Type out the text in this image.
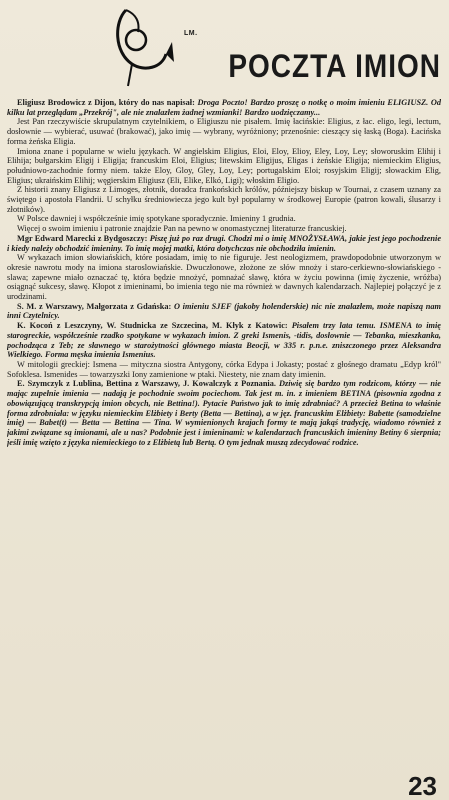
LM.
POCZTA IMION

Eligiusz Brodowicz z Dijon, który do nas napisał: Droga Poczto! Bardzo proszę o notkę o moim imieniu ELIGIUSZ. Od kilku lat przeglądam „Przekrój", ale nie znalazłem żadnej wzmianki! Bardzo uodzięczamy...

Jest Pan rzeczywiście skrupulatnym czytelnikiem, o Eligiuszu nie pisałem. Imię łacińskie: Eligius, z łac. eligo, legi, lectum, dosłownie — wybierać, usuwać (brakować), jako imię — wybrany, wyróżniony; przenośnie: cieszący się łaską (Boga). Łacińska forma żeńska Eligia.

Imiona znane i popularne w wielu językach. W angielskim Eligius, Eloi, Eloy, Elioy, Eley, Loy, Ley; słoworuskim Elihij i Elihija; bułgarskim Eligij i Eligija; francuskim Eloi, Eligius; litewskim Eligijus, Eligas i żeńskie Eligija; niemieckim Eligius, południowo-zachodnie formy niem. także Eloy, Gloy, Gley, Loy, Ley; portugalskim Eloi; rosyjskim Eligij; słowackim Elig, Eligius; ukraińskim Elihij; węgierskim Eligiusz (Eli, Elike, Elkó, Ligi); włoskim Eligio.

Z historii znany Eligiusz z Limoges, złotnik, doradca frankońskich królów, późniejszy biskup w Tournai, z czasem uznany za świętego i apostoła Flandrii. U schyłku średniowiecza jego kult był popularny w środkowej Europie (patron kowali, ślusarzy i złotników).

W Polsce dawniej i współcześnie imię spotykane sporadycznie. Imieniny 1 grudnia.

Więcej o swoim imieniu i patronie znajdzie Pan na pewno w onomastycznej literaturze francuskiej.

Mgr Edward Marecki z Bydgoszczy: Piszę już po raz drugi. Chodzi mi o imię MNOŻYSŁAWA, jakie jest jego pochodzenie i kiedy należy obchodzić imieniny. To imię mojej matki, która dotychczas nie obchodziła imienin.

W wykazach imion słowiańskich, które posiadam, imię to nie figuruje. Jest neologizmem, prawdopodobnie utworzonym w okresie nawrotu mody na imiona staroslowiańskie. Dwuczłonowe, złożone ze słów mnoży i staro-cerkiewno-słowiańskiego -slawa; zapewne miało oznaczać tę, która będzie mnożyć, pomnażać sławę, która w życiu powinna (imię życzenie, wróżba) osiągnąć sukcesy, sławę. Kłopot z imieninami, bo imienia tego nie ma również w dawnych kalendarzach. Najlepiej połączyć je z urodzinami.

S. M. z Warszawy, Małgorzata z Gdańska: O imieniu SJEF (jakoby holenderskie) nic nie znalazłem, może napiszą nam inni Czytelnicy.

K. Kocoń z Leszczyny, W. Studnicka ze Szczecina, M. Kłyk z Katowic: Pisałem trzy lata temu. ISMENA to imię starogreckie, współcześnie rzadko spotykane w wykazach imion. Z greki Ismenis, -tidis, dosłownie — Tebanka, mieszkanka, pochodząca z Teb; ze sławnego w starożytności głównego miasta Beocji, w 335 r. p.n.e. zniszczonego przez Aleksandra Wielkiego. Forma męska imienia Ismenius.

W mitologii greckiej: Ismena — mityczna siostra Antygony, córka Edypa i Jokasty; postać z głośnego dramatu „Edyp król" Sofoklesa. Ismenides — towarzyszki Ionу zamienione w ptaki. Niestety, nie znam daty imienin.

E. Szymczyk z Lublina, Bettina z Warszawy, J. Kowalczyk z Poznania. Dziwię się bardzo tym rodzicom, którzy — nie mając zupełnie imienia — nadają je pochodnie swoim pociechom. Tak jest m. in. z imieniem BETINA (pisownia zgodna z obowiązującą transkrypcją imion obcych, nie Bettina!). Pytacie Państwo jak to imię zdrabniać? A przecież Betina to właśnie forma zdrobniała: w języku niemieckim Elżbiety i Berty (Betta — Bettina), a w jęz. francuskim Elżbiety: Babette (samodzielne imię) — Babet(t) — Betta — Bettina — Tina. W wymienionych krajach formy te mają jakąś tradycję, wiadomo również z jakimi związane są imionami, ale u nas? Podobnie jest i imieninami: w kalendarzach francuskich imieniny Betiny 6 sierpnia; jeśli imię wzięto z języka niemieckiego to z Elżbietą lub Bertą. O tym jednak muszą zdecydować rodzice.

23
